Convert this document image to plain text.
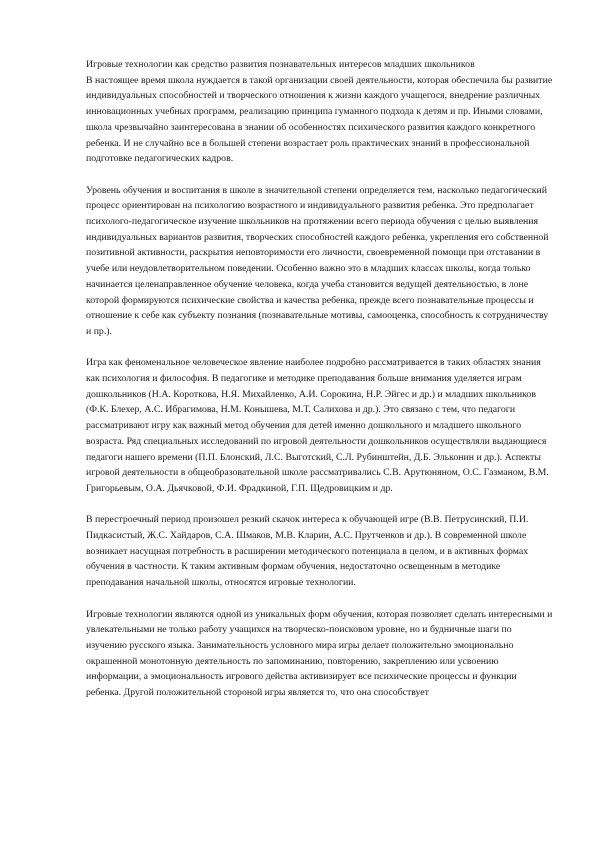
Игровые технологии как средство развития познавательных интересов младших школьников

В настоящее время школа нуждается в такой организации своей деятельности, которая обеспечила бы развитие индивидуальных способностей и творческого отношения к жизни каждого учащегося, внедрение различных инновационных учебных программ, реализацию принципа гуманного подхода к детям и пр. Иными словами, школа чрезвычайно заинтересована в знании об особенностях психического развития каждого конкретного ребенка. И не случайно все в большей степени возрастает роль практических знаний в профессиональной подготовке педагогических кадров.

Уровень обучения и воспитания в школе в значительной степени определяется тем, насколько педагогический процесс ориентирован на психологию возрастного и индивидуального развития ребенка. Это предполагает психолого-педагогическое изучение школьников на протяжении всего периода обучения с целью выявления индивидуальных вариантов развития, творческих способностей каждого ребенка, укрепления его собственной позитивной активности, раскрытия неповторимости его личности, своевременной помощи при отставании в учебе или неудовлетворительном поведении. Особенно важно это в младших классах школы, когда только начинается целенаправленное обучение человека, когда учеба становится ведущей деятельностью, в лоне которой формируются психические свойства и качества ребенка, прежде всего познавательные процессы и отношение к себе как субъекту познания (познавательные мотивы, самооценка, способность к сотрудничеству и пр.).

Игра как феноменальное человеческое явление наиболее подробно рассматривается в таких областях знания как психология и философия. В педагогике и методике преподавания больше внимания уделяется играм дошкольников (Н.А. Короткова, Н.Я. Михайленко, А.И. Сорокина, Н.Р. Эйгес и др.) и младших школьников (Ф.К. Блехер, А.С. Ибрагимова, Н.М. Конышева, М.Т. Салихова и др.). Это связано с тем, что педагоги рассматривают игру как важный метод обучения для детей именно дошкольного и младшего школьного возраста. Ряд специальных исследований по игровой деятельности дошкольников осуществляли выдающиеся педагоги нашего времени (П.П. Блонский, Л.С. Выготский, С.Л. Рубинштейн, Д.Б. Эльконин и др.). Аспекты игровой деятельности в общеобразовательной школе рассматривались С.В. Арутюняном, О.С. Газманом, В.М. Григорьевым, О.А. Дьячковой, Ф.И. Фрадкиной, Г.П. Щедровицким и др.

В перестроечный период произошел резкий скачок интереса к обучающей игре (В.В. Петрусинский, П.И. Пидкасистый, Ж.С. Хайдаров, С.А. Шмаков, М.В. Кларин, А.С. Прутченков и др.). В современной школе возникает насущная потребность в расширении методического потенциала в целом, и в активных формах обучения в частности. К таким активным формам обучения, недостаточно освещенным в методике преподавания начальной школы, относятся игровые технологии.

Игровые технологии являются одной из уникальных форм обучения, которая позволяет сделать интересными и увлекательными не только работу учащихся на творческо-поисковом уровне, но и будничные шаги по изучению русского языка. Занимательность условного мира игры делает положительно эмоционально окрашенной монотонную деятельность по запоминанию, повторению, закреплению или усвоению информации, а эмоциональность игрового действа активизирует все психические процессы и функции ребенка. Другой положительной стороной игры является то, что она способствует
